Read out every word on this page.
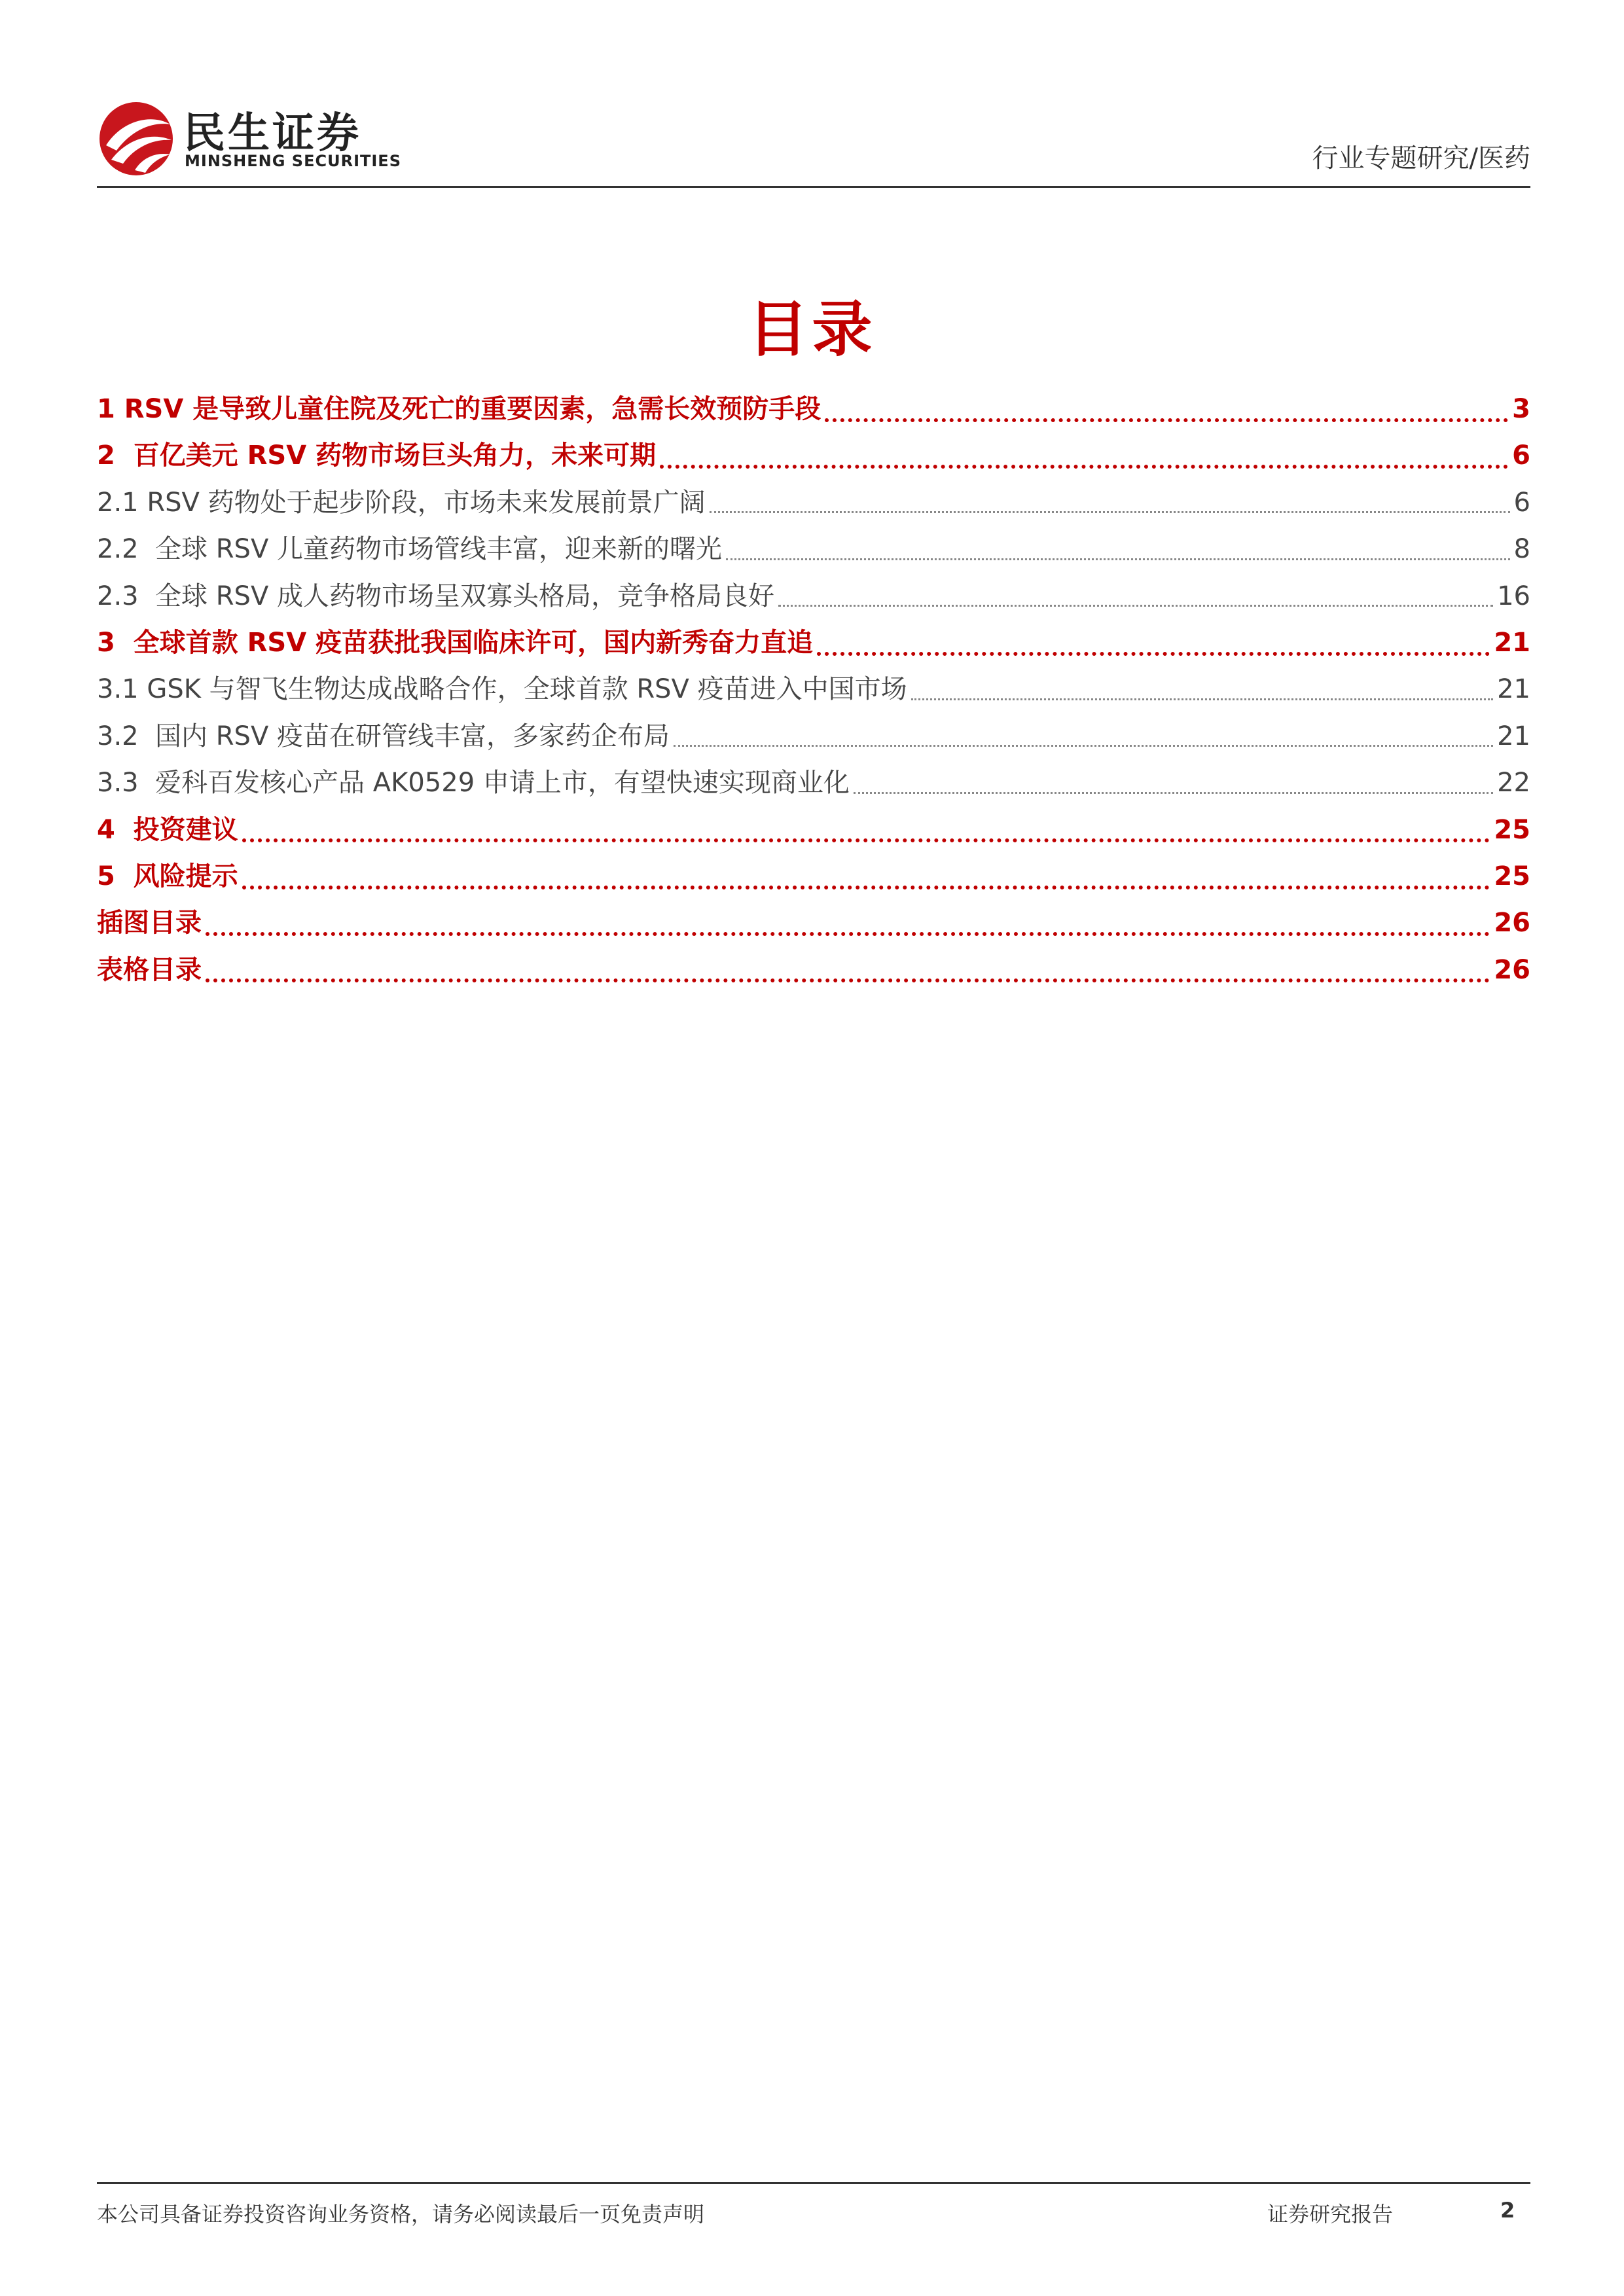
民生证券
MINSHENG SECURITIES	行业专题研究/医药
目录
1 RSV 是导致儿童住院及死亡的重要因素，急需长效预防手段	3
2  百亿美元 RSV 药物市场巨头角力，未来可期	6
2.1 RSV 药物处于起步阶段，市场未来发展前景广阔	6
2.2  全球 RSV 儿童药物市场管线丰富，迎来新的曙光	8
2.3  全球 RSV 成人药物市场呈双寡头格局，竞争格局良好	16
3  全球首款 RSV 疫苗获批我国临床许可，国内新秀奋力直追	21
3.1 GSK 与智飞生物达成战略合作，全球首款 RSV 疫苗进入中国市场	21
3.2  国内 RSV 疫苗在研管线丰富，多家药企布局	21
3.3  爱科百发核心产品 AK0529 申请上市，有望快速实现商业化	22
4  投资建议	25
5  风险提示	25
插图目录	26
表格目录	26
本公司具备证券投资咨询业务资格，请务必阅读最后一页免责声明	证券研究报告	2
